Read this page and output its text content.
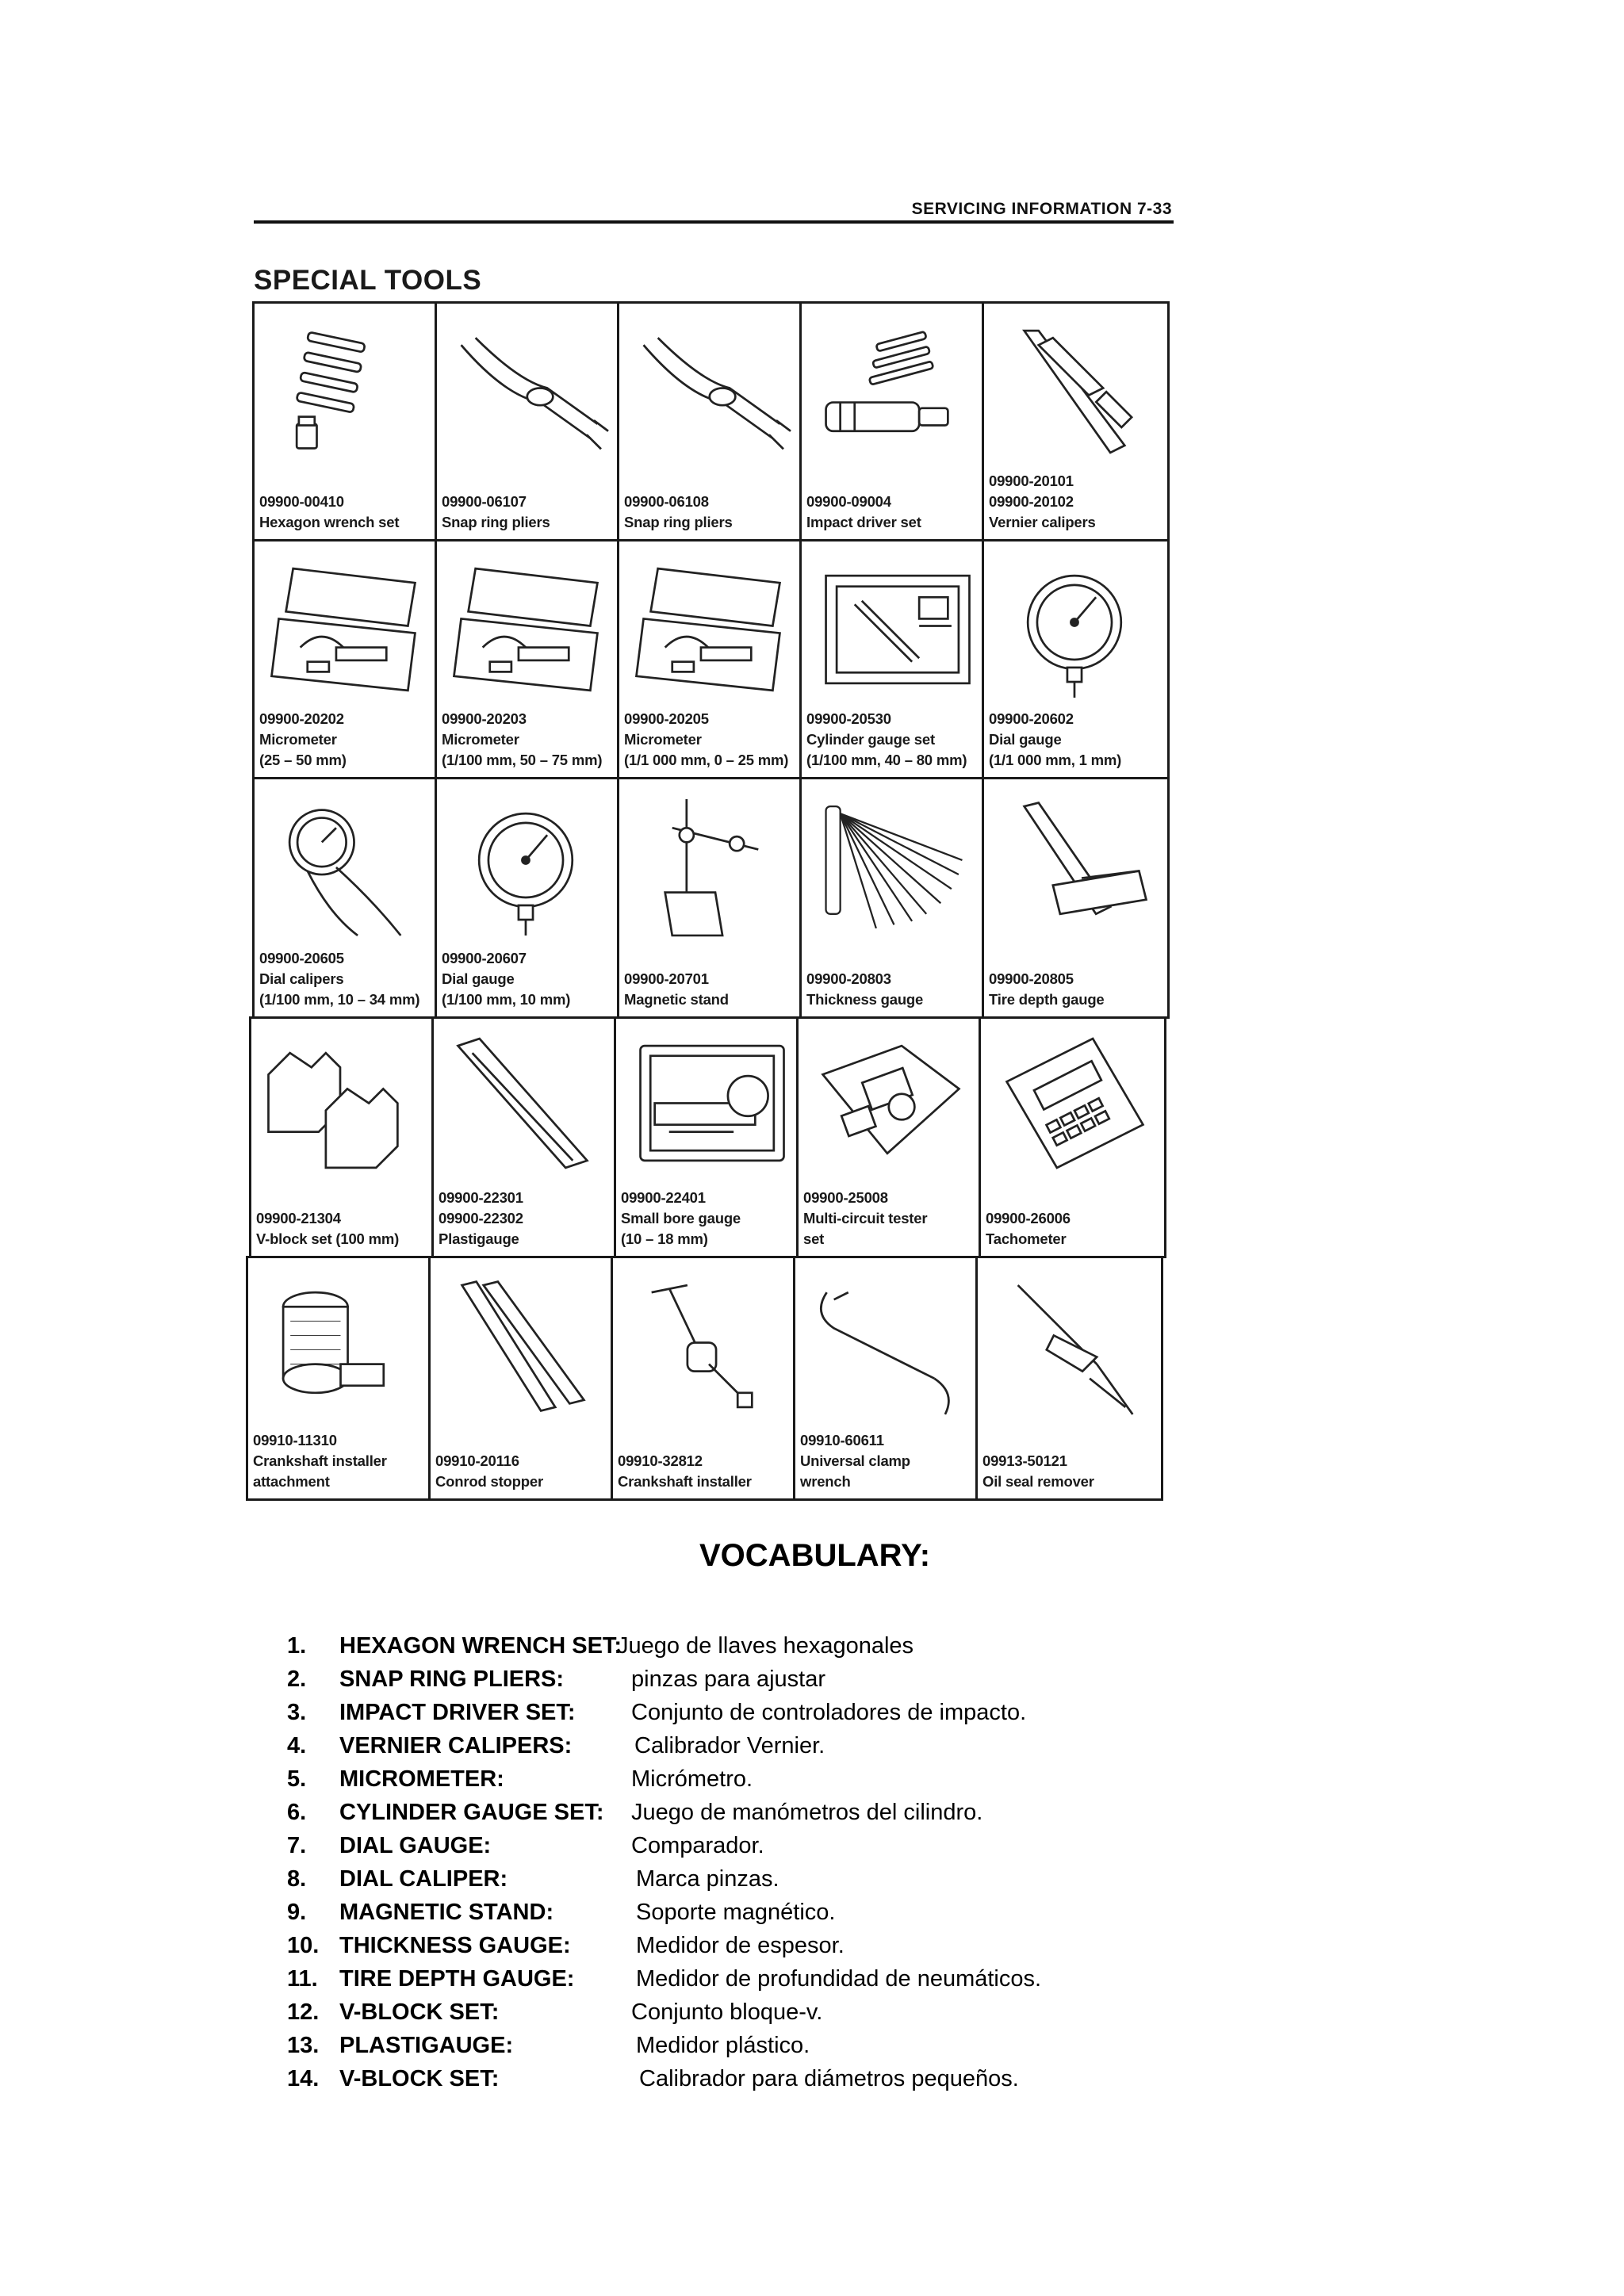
SERVICING INFORMATION 7-33
SPECIAL TOOLS
09900-00410
Hexagon wrench set
09900-06107
Snap ring pliers
09900-06108
Snap ring pliers
09900-09004
Impact driver set
09900-20101
09900-20102
Vernier calipers
09900-20202
Micrometer
(25 – 50 mm)
09900-20203
Micrometer
(1/100 mm, 50 – 75 mm)
09900-20205
Micrometer
(1/1 000 mm, 0 – 25 mm)
09900-20530
Cylinder gauge set
(1/100 mm, 40 – 80 mm)
09900-20602
Dial gauge
(1/1 000 mm, 1 mm)
09900-20605
Dial calipers
(1/100 mm, 10 – 34 mm)
09900-20607
Dial gauge
(1/100 mm, 10 mm)
09900-20701
Magnetic stand
09900-20803
Thickness gauge
09900-20805
Tire depth gauge
09900-21304
V-block set (100 mm)
09900-22301
09900-22302
Plastigauge
09900-22401
Small bore gauge
(10 – 18 mm)
09900-25008
Multi-circuit tester
set
09900-26006
Tachometer
09910-11310
Crankshaft installer
attachment
09910-20116
Conrod stopper
09910-32812
Crankshaft installer
09910-60611
Universal clamp
wrench
09913-50121
Oil seal remover
VOCABULARY:
1.	HEXAGON WRENCH SET:
Juego de llaves hexagonales
2.	SNAP RING PLIERS:	pinzas para ajustar
3.	IMPACT DRIVER SET: Conjunto de controladores de impacto.
4.	VERNIER CALIPERS:	Calibrador Vernier.
5.	MICROMETER:	Micrómetro.
6.	CYLINDER GAUGE SET: Juego de manómetros del cilindro.
7.	DIAL GAUGE:	Comparador.
8.	DIAL CALIPER:	Marca pinzas.
9.	MAGNETIC STAND:	Soporte magnético.
10. THICKNESS GAUGE:	Medidor de espesor.
11. TIRE DEPTH GAUGE:	Medidor de profundidad de neumáticos.
12. V-BLOCK SET:	Conjunto bloque-v.
13. PLASTIGAUGE:	Medidor plástico.
14. V-BLOCK SET:	Calibrador para diámetros pequeños.
